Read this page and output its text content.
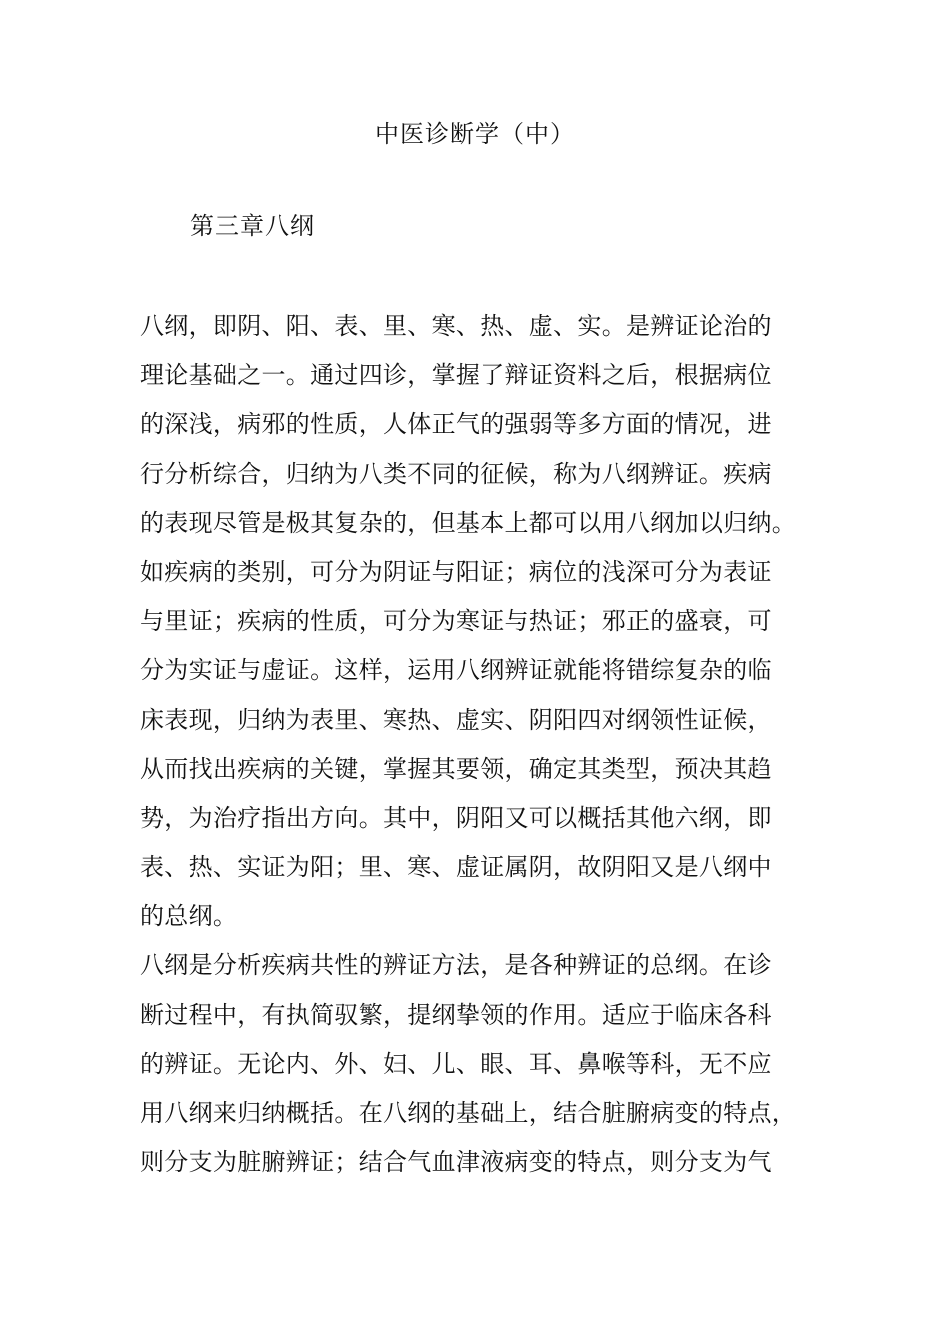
中医诊断学（中）
第三章八纲
八纲，即阴、阳、表、里、寒、热、虚、实。是辨证论治的
理论基础之一。通过四诊，掌握了辩证资料之后，根据病位
的深浅，病邪的性质，人体正气的强弱等多方面的情况，进
行分析综合，归纳为八类不同的征候，称为八纲辨证。疾病
的表现尽管是极其复杂的，但基本上都可以用八纲加以归纳。
如疾病的类别，可分为阴证与阳证；病位的浅深可分为表证
与里证；疾病的性质，可分为寒证与热证；邪正的盛衰，可
分为实证与虚证。这样，运用八纲辨证就能将错综复杂的临
床表现，归纳为表里、寒热、虚实、阴阳四对纲领性证候，
从而找出疾病的关键，掌握其要领，确定其类型，预决其趋
势，为治疗指出方向。其中，阴阳又可以概括其他六纲，即
表、热、实证为阳；里、寒、虚证属阴，故阴阳又是八纲中
的总纲。
八纲是分析疾病共性的辨证方法，是各种辨证的总纲。在诊
断过程中，有执简驭繁，提纲挚领的作用。适应于临床各科
的辨证。无论内、外、妇、儿、眼、耳、鼻喉等科，无不应
用八纲来归纳概括。在八纲的基础上，结合脏腑病变的特点，
则分支为脏腑辨证；结合气血津液病变的特点，则分支为气
